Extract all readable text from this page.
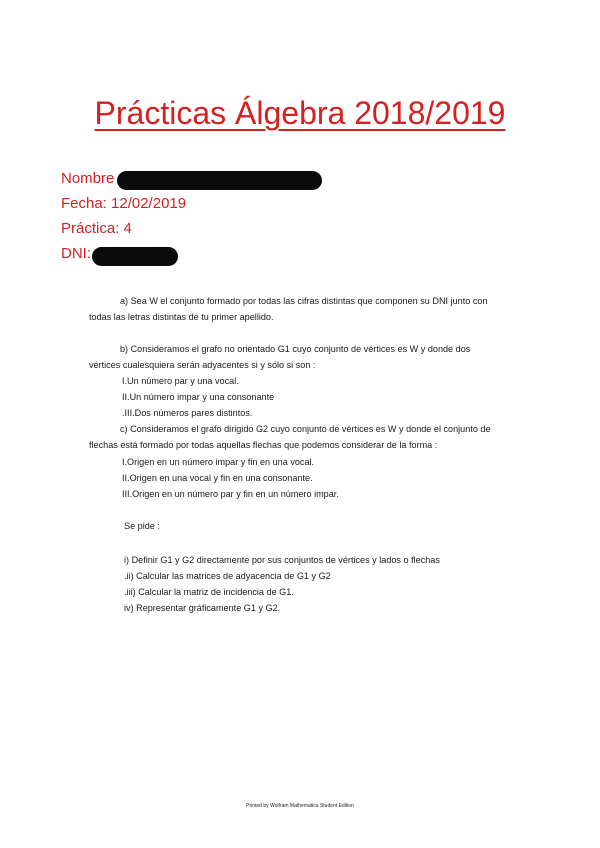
Prácticas Álgebra 2018/2019
Nombre
Fecha: 12/02/2019
Práctica: 4
DNI:
a) Sea W el conjunto formado por todas las cifras distintas que componen su DNI junto con
todas las letras distintas de tu primer apellido.
b) Consideramos el grafo no orientado G1 cuyo conjunto de vértices es W y donde dos
vértices cualesquiera serán adyacentes si y sólo si son :
I.Un número par y una vocal.
II.Un número impar y una consonante
.III.Dos números pares distintos.
c) Consideramos el grafo dirigido G2 cuyo conjunto de vértices es W y donde el conjunto de
flechas está formado por todas aquellas flechas que podemos considerar de la forma :
I.Origen en un número impar y fin en una vocal.
II.Origen en una vocal y fin en una consonante.
III.Origen en un número par y fin en un número impar.
Se pide :
i) Definir G1 y G2 directamente por sus conjuntos de vértices y lados o flechas
.ii) Calcular las matrices de adyacencia de G1 y G2
.iii) Calcular la matriz de incidencia de G1.
iv) Representar gráficamente G1 y G2.
Printed by Wolfram Mathematica Student Edition
